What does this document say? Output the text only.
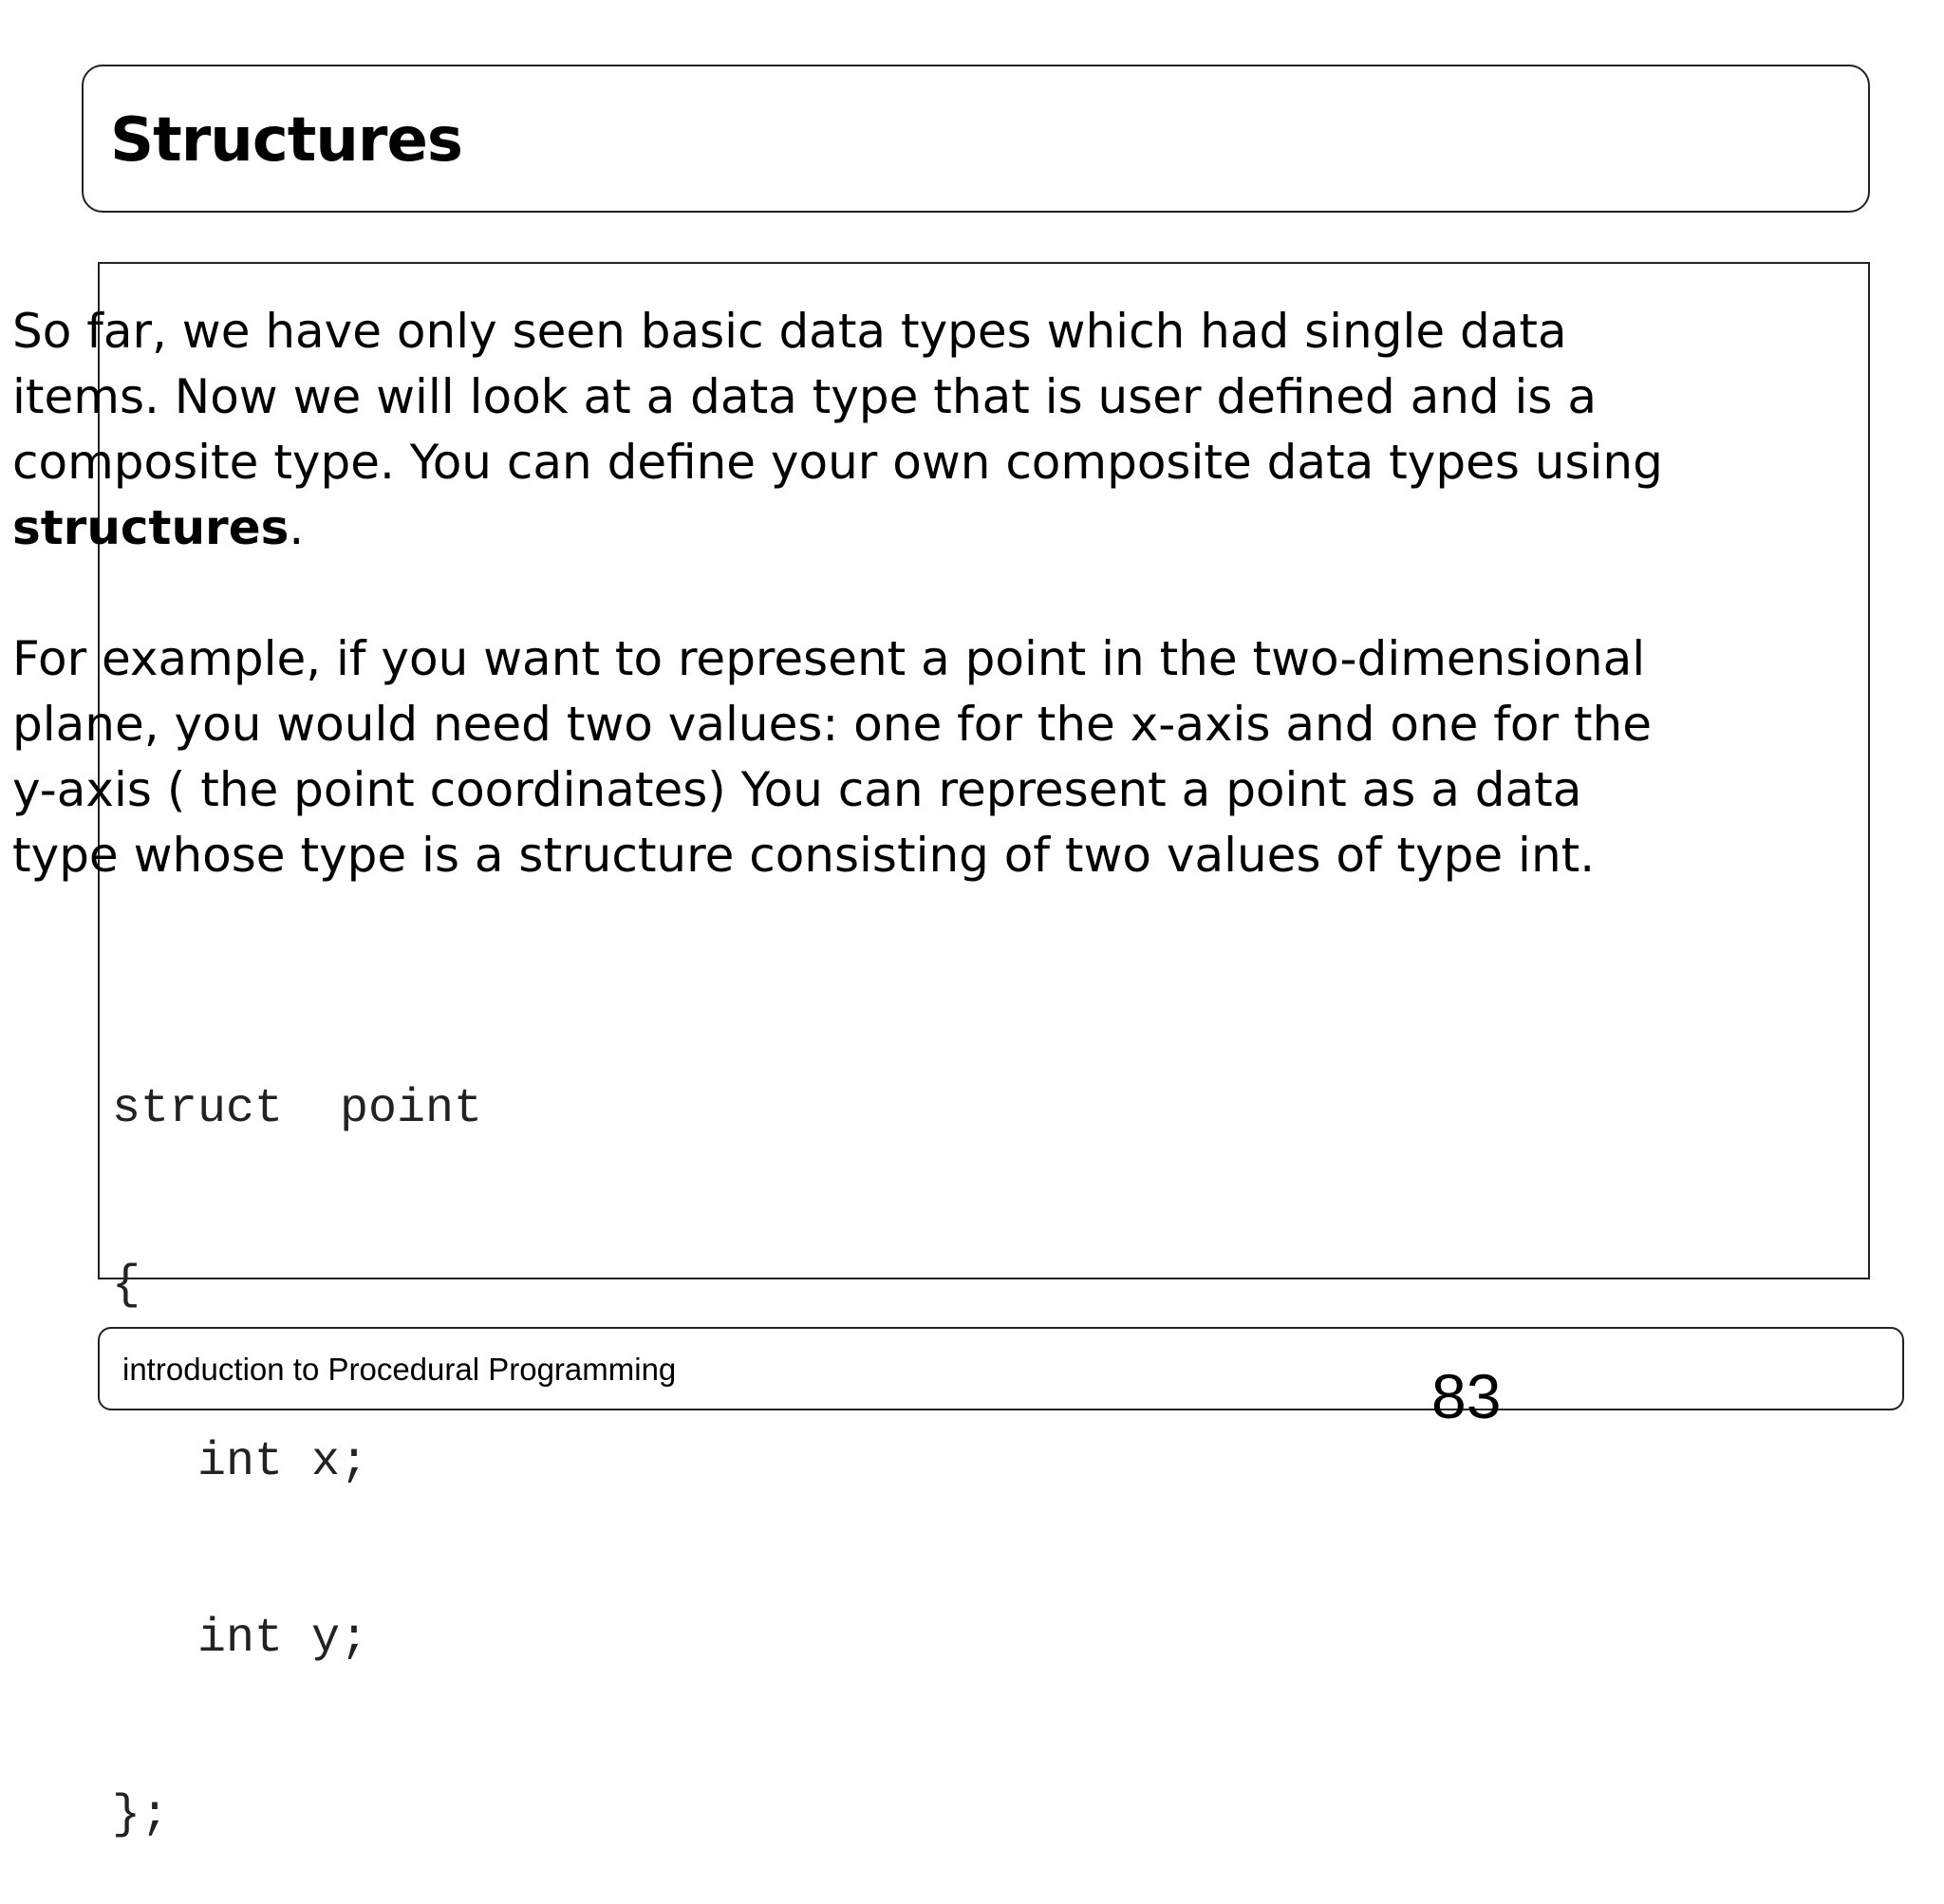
Structures
So far, we have only seen basic data types which had single data
items. Now we will look at a data type that is user defined and is a
composite type. You can define your own composite data types using
structures.
For example, if you want to represent a point in the two-dimensional
plane, you would need two values: one for the x-axis and one for the
y-axis ( the point coordinates) You can represent a point as a data
type whose type is a structure consisting of two values of type int.

struct  point

{

int x;

int y;

};

introduction to Procedural Programming	83
